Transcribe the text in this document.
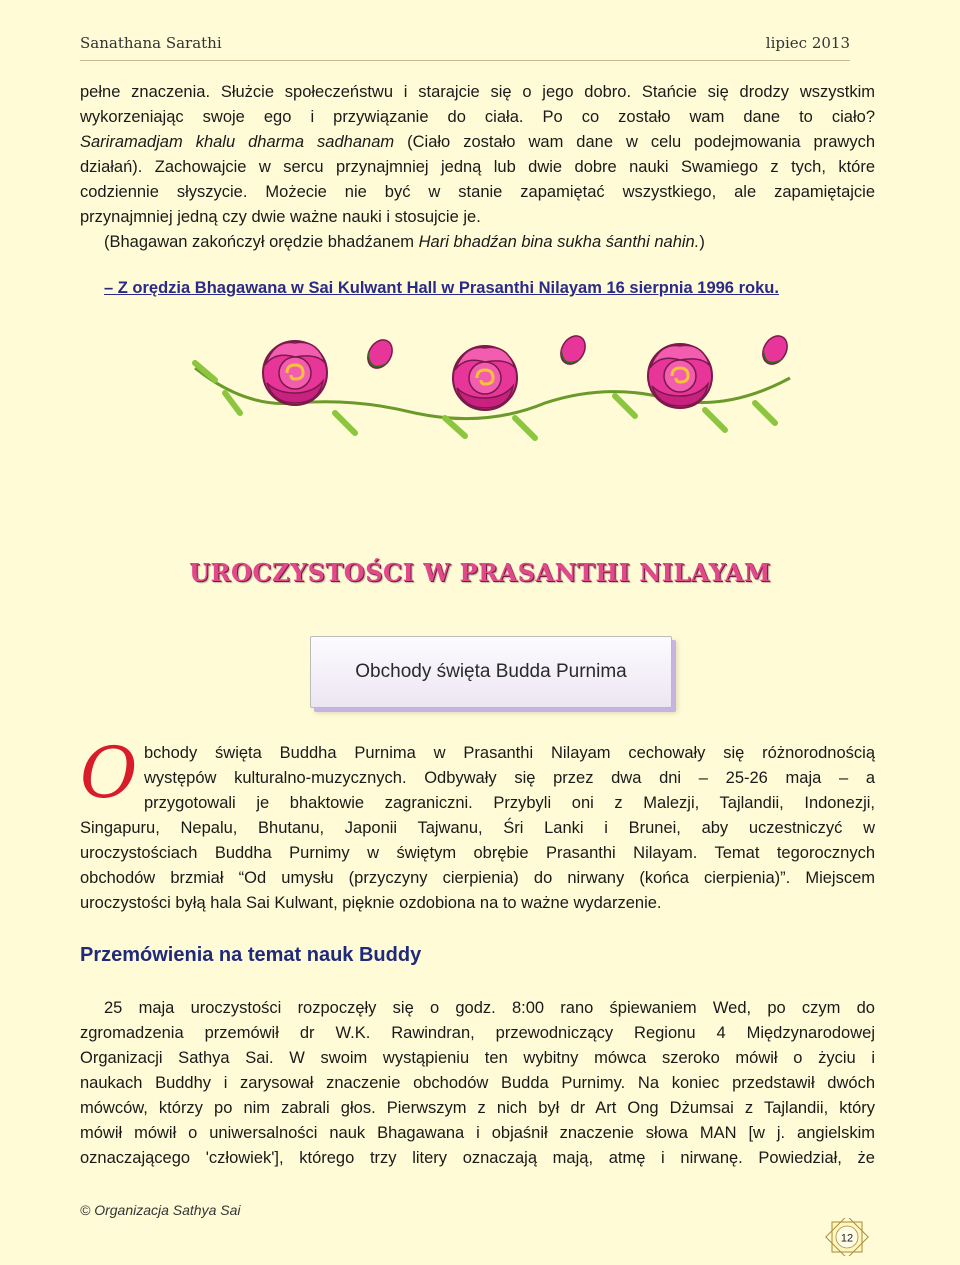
Sanathana Sarathi	lipiec 2013

pełne znaczenia. Służcie społeczeństwu i starajcie się o jego dobro. Stańcie się drodzy wszystkim

wykorzeniając swoje ego i przywiązanie do ciała. Po co zostało wam dane to ciało?

Sariramadjam khalu dharma sadhanam (Ciało zostało wam dane w celu podejmowania prawych

działań). Zachowajcie w sercu przynajmniej jedną lub dwie dobre nauki Swamiego z tych, które

codziennie słyszycie. Możecie nie być w stanie zapamiętać wszystkiego, ale zapamiętajcie

przynajmniej jedną czy dwie ważne nauki i stosujcie je.

(Bhagawan zakończył orędzie bhadźanem Hari bhadźan bina sukha śanthi nahin.)

– Z orędzia Bhagawana w Sai Kulwant Hall w Prasanthi Nilayam 16 sierpnia 1996 roku.
UROCZYSTOŚCI W PRASANTHI NILAYAM
Obchody święta Budda Purnima
O bchody święta Buddha Purnima w Prasanthi Nilayam cechowały się różnorodnością

występów kulturalno-muzycznych. Odbywały się przez dwa dni – 25-26 maja – a

przygotowali je bhaktowie zagraniczni. Przybyli oni z Malezji, Tajlandii, Indonezji,

Singapuru, Nepalu, Bhutanu, Japonii Tajwanu, Śri Lanki i Brunei, aby uczestniczyć w

uroczystościach Buddha Purnimy w świętym obrębie Prasanthi Nilayam. Temat tegorocznych

obchodów brzmiał “Od umysłu (przyczyny cierpienia) do nirwany (końca cierpienia)”. Miejscem

uroczystości byłą hala Sai Kulwant, pięknie ozdobiona na to ważne wydarzenie.

Przemówienia na temat nauk Buddy

25 maja uroczystości rozpoczęły się o godz. 8:00 rano śpiewaniem Wed, po czym do

zgromadzenia przemówił dr W.K. Rawindran, przewodniczący Regionu 4 Międzynarodowej

Organizacji Sathya Sai. W swoim wystąpieniu ten wybitny mówca szeroko mówił o życiu i

naukach Buddhy i zarysował znaczenie obchodów Budda Purnimy. Na koniec przedstawił dwóch

mówców, którzy po nim zabrali głos. Pierwszym z nich był dr Art Ong Dżumsai z Tajlandii, który

mówił mówił o uniwersalności nauk Bhagawana i objaśnił znaczenie słowa MAN [w j. angielskim

oznaczającego 'człowiek'], którego trzy litery oznaczają mają, atmę i nirwanę. Powiedział, że

© Organizacja Sathya Sai
12
